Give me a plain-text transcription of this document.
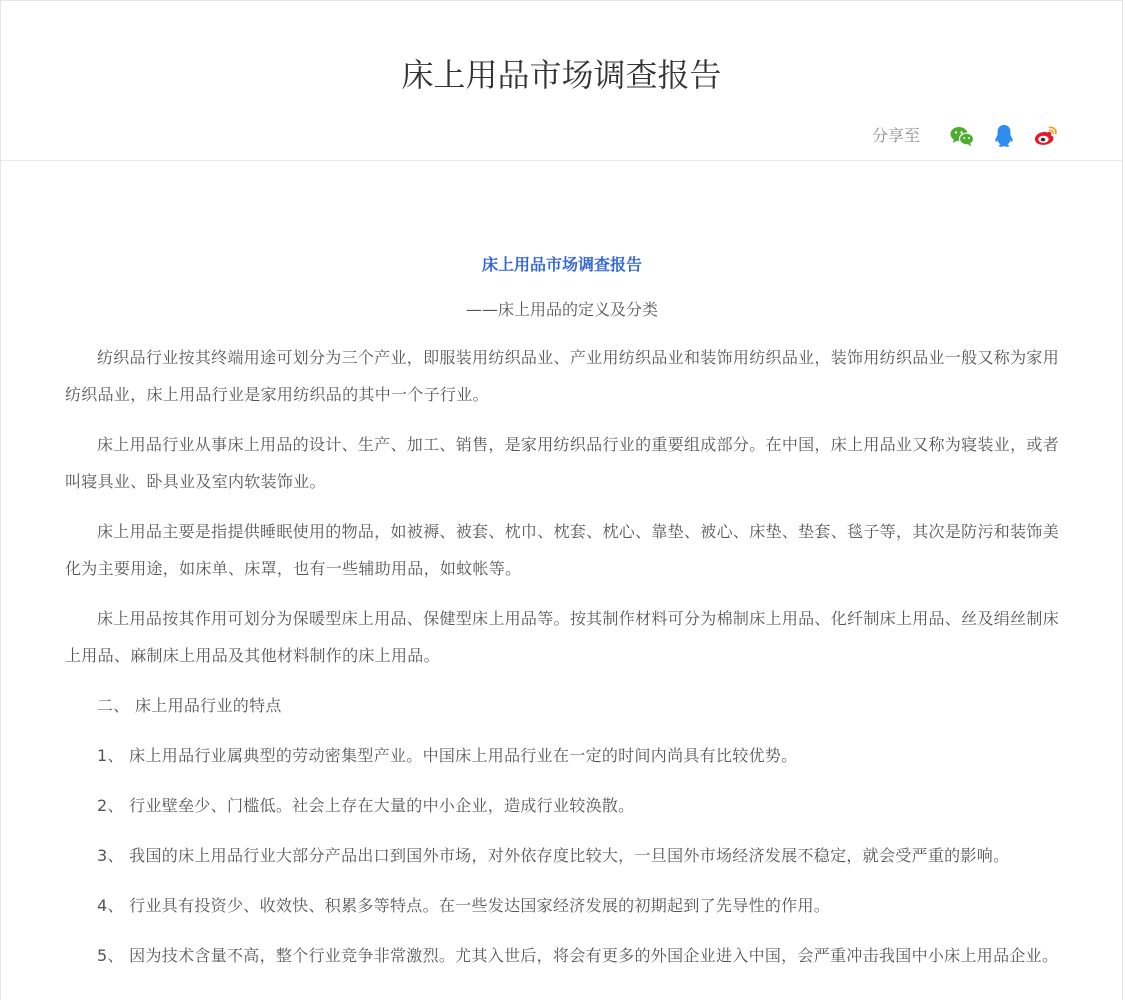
床上用品市场调查报告
分享至

床上用品市场调查报告

——床上用品的定义及分类

纺织品行业按其终端用途可划分为三个产业，即服装用纺织品业、产业用纺织品业和装饰用纺织品业，装饰用纺织品业一般又称为家用纺织品业，床上用品行业是家用纺织品的其中一个子行业。

床上用品行业从事床上用品的设计、生产、加工、销售，是家用纺织品行业的重要组成部分。在中国，床上用品业又称为寝装业，或者叫寝具业、卧具业及室内软装饰业。

床上用品主要是指提供睡眠使用的物品，如被褥、被套、枕巾、枕套、枕心、靠垫、被心、床垫、垫套、毯子等，其次是防污和装饰美化为主要用途，如床单、床罩，也有一些辅助用品，如蚊帐等。

床上用品按其作用可划分为保暖型床上用品、保健型床上用品等。按其制作材料可分为棉制床上用品、化纤制床上用品、丝及绢丝制床上用品、麻制床上用品及其他材料制作的床上用品。

二、 床上用品行业的特点

1、 床上用品行业属典型的劳动密集型产业。中国床上用品行业在一定的时间内尚具有比较优势。

2、 行业壁垒少、门槛低。社会上存在大量的中小企业，造成行业较涣散。

3、 我国的床上用品行业大部分产品出口到国外市场，对外依存度比较大，一旦国外市场经济发展不稳定，就会受严重的影响。

4、 行业具有投资少、收效快、积累多等特点。在一些发达国家经济发展的初期起到了先导性的作用。

5、 因为技术含量不高，整个行业竞争非常激烈。尤其入世后，将会有更多的外国企业进入中国，会严重冲击我国中小床上用品企业。
